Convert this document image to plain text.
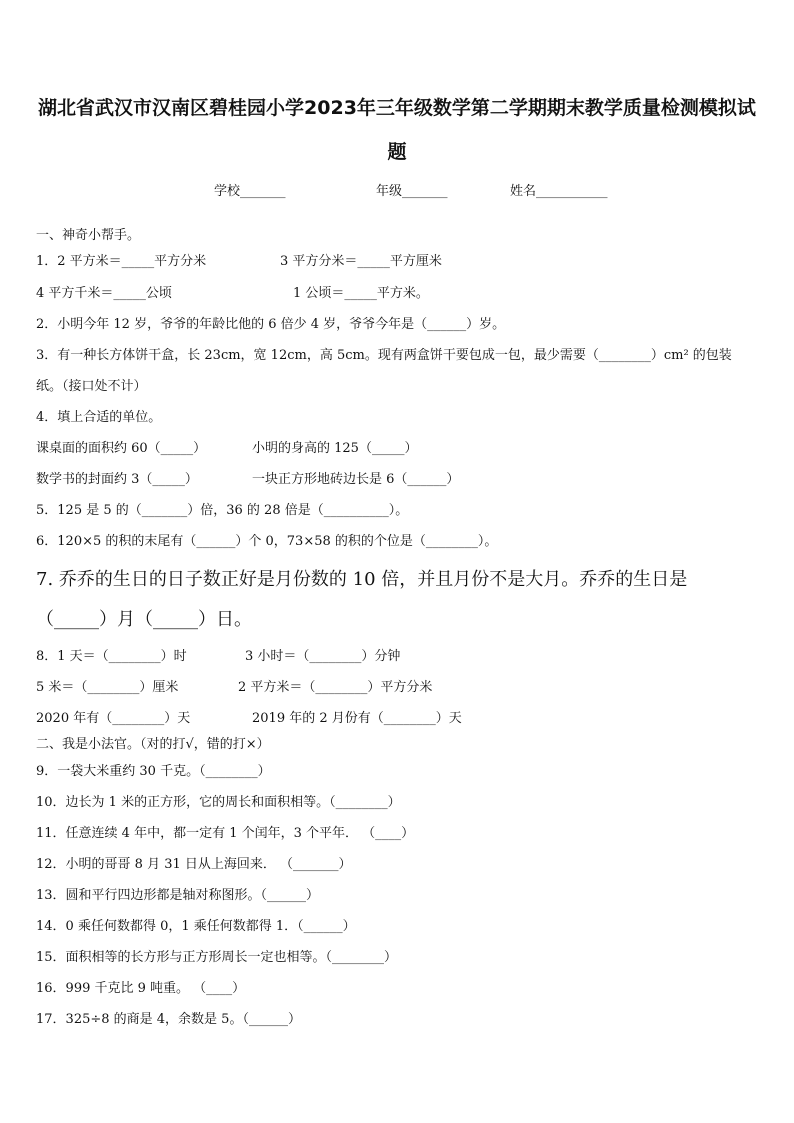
湖北省武汉市汉南区碧桂园小学2023年三年级数学第二学期期末教学质量检测模拟试题
学校_______	年级_______	姓名___________
一、神奇小帮手。
1．2 平方米＝_____平方分米	3 平方分米＝_____平方厘米
4 平方千米＝_____公顷	1 公顷＝_____平方米。
2．小明今年 12 岁，爷爷的年龄比他的 6 倍少 4 岁，爷爷今年是（______）岁。
3．有一种长方体饼干盒，长 23cm，宽 12cm，高 5cm。现有两盒饼干要包成一包，最少需要（________）cm² 的包装
纸。（接口处不计）
4．填上合适的单位。
课桌面的面积约 60（_____）	小明的身高的 125（_____）
数学书的封面约 3（_____）	一块正方形地砖边长是 6（______）
5．125 是 5 的（_______）倍，36 的 28 倍是（__________）。
6．120×5 的积的末尾有（______）个 0，73×58 的积的个位是（________）。
7. 乔乔的生日的日子数正好是月份数的 10 倍，并且月份不是大月。乔乔的生日是
（_____）月（_____）日。
8．1 天＝（________）时	3 小时＝（________）分钟
5 米＝（________）厘米	2 平方米＝（________）平方分米
2020 年有（________）天	2019 年的 2 月份有（________）天
二、我是小法官。（对的打√，错的打×）
9．一袋大米重约 30 千克。（________）
10．边长为 1 米的正方形，它的周长和面积相等。（________）
11．任意连续 4 年中，都一定有 1 个闰年，3 个平年． （____）
12．小明的哥哥 8 月 31 日从上海回来． （_______）
13．圆和平行四边形都是轴对称图形。（______）
14．0 乘任何数都得 0，1 乘任何数都得 1．（______）
15．面积相等的长方形与正方形周长一定也相等。（________）
16．999 千克比 9 吨重。 （____）
17．325÷8 的商是 4，余数是 5。（______）
